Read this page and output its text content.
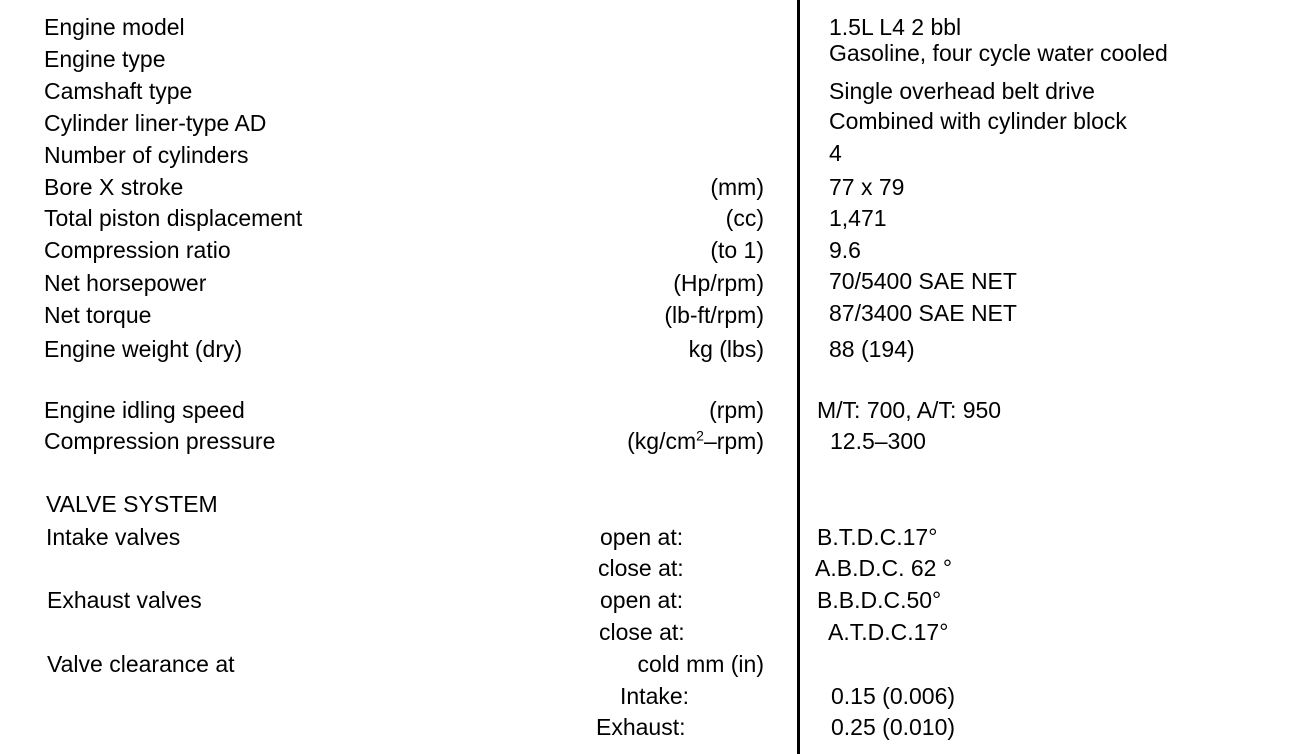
Engine model	1.5L L4 2 bbl
Engine type	Gasoline, four cycle water cooled
Camshaft type	Single overhead belt drive
Cylinder liner-type AD	Combined with cylinder block
Number of cylinders	4
Bore X stroke	(mm)	77 x 79
Total piston displacement	(cc)	1,471
Compression ratio	(to 1)	9.6
Net horsepower	(Hp/rpm)	70/5400 SAE NET
Net torque	(lb-ft/rpm)	87/3400 SAE NET
Engine weight (dry)	kg (lbs)	88 (194)
Engine idling speed	(rpm) M/T: 700, A/T: 950
Compression pressure	$(kg/cm^2-rpm)$	12.5–300
VALVE SYSTEM
Intake valves	open at:	B.T.D.C.17°
close at:	A.B.D.C. 62 °
Exhaust valves	open at:	B.B.D.C.50°
close at:	A.T.D.C.17°
Valve clearance at	cold mm (in)
Intake:	0.15 (0.006)
Exhaust:	0.25 (0.010)
